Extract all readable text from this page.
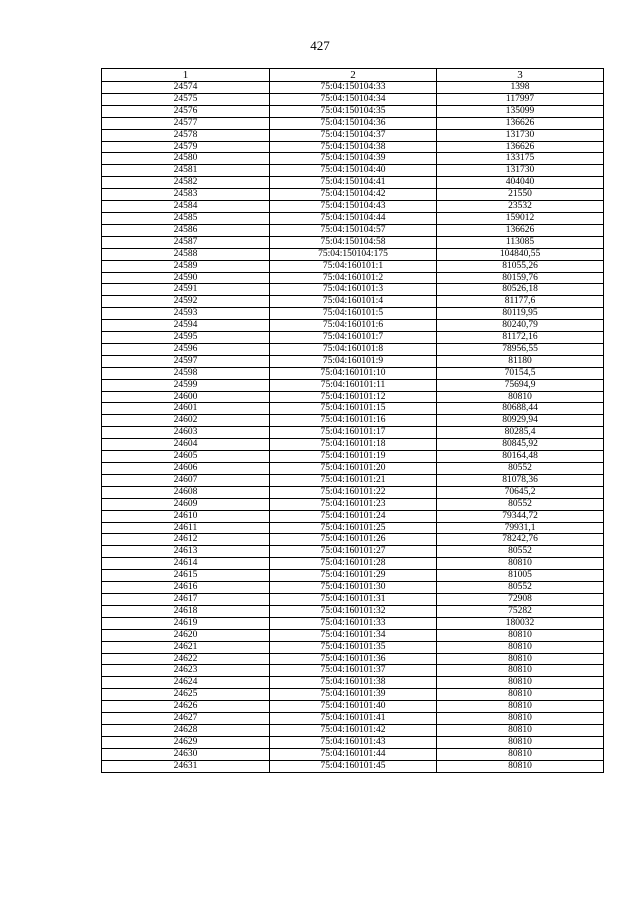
427
1	2	3
24574	75:04:150104:33	1398
24575	75:04:150104:34	117997
24576	75:04:150104:35	135099
24577	75:04:150104:36	136626
24578	75:04:150104:37	131730
24579	75:04:150104:38	136626
24580	75:04:150104:39	133175
24581	75:04:150104:40	131730
24582	75:04:150104:41	404040
24583	75:04:150104:42	21550
24584	75:04:150104:43	23532
24585	75:04:150104:44	159012
24586	75:04:150104:57	136626
24587	75:04:150104:58	113085
24588	75:04:150104:175	104840,55
24589	75:04:160101:1	81055,26
24590	75:04:160101:2	80159,76
24591	75:04:160101:3	80526,18
24592	75:04:160101:4	81177,6
24593	75:04:160101:5	80119,95
24594	75:04:160101:6	80240,79
24595	75:04:160101:7	81172,16
24596	75:04:160101:8	78956,55
24597	75:04:160101:9	81180
24598	75:04:160101:10	70154,5
24599	75:04:160101:11	75694,9
24600	75:04:160101:12	80810
24601	75:04:160101:15	80688,44
24602	75:04:160101:16	80929,94
24603	75:04:160101:17	80285,4
24604	75:04:160101:18	80845,92
24605	75:04:160101:19	80164,48
24606	75:04:160101:20	80552
24607	75:04:160101:21	81078,36
24608	75:04:160101:22	70645,2
24609	75:04:160101:23	80552
24610	75:04:160101:24	79344,72
24611	75:04:160101:25	79931,1
24612	75:04:160101:26	78242,76
24613	75:04:160101:27	80552
24614	75:04:160101:28	80810
24615	75:04:160101:29	81005
24616	75:04:160101:30	80552
24617	75:04:160101:31	72908
24618	75:04:160101:32	75282
24619	75:04:160101:33	180032
24620	75:04:160101:34	80810
24621	75:04:160101:35	80810
24622	75:04:160101:36	80810
24623	75:04:160101:37	80810
24624	75:04:160101:38	80810
24625	75:04:160101:39	80810
24626	75:04:160101:40	80810
24627	75:04:160101:41	80810
24628	75:04:160101:42	80810
24629	75:04:160101:43	80810
24630	75:04:160101:44	80810
24631	75:04:160101:45	80810
